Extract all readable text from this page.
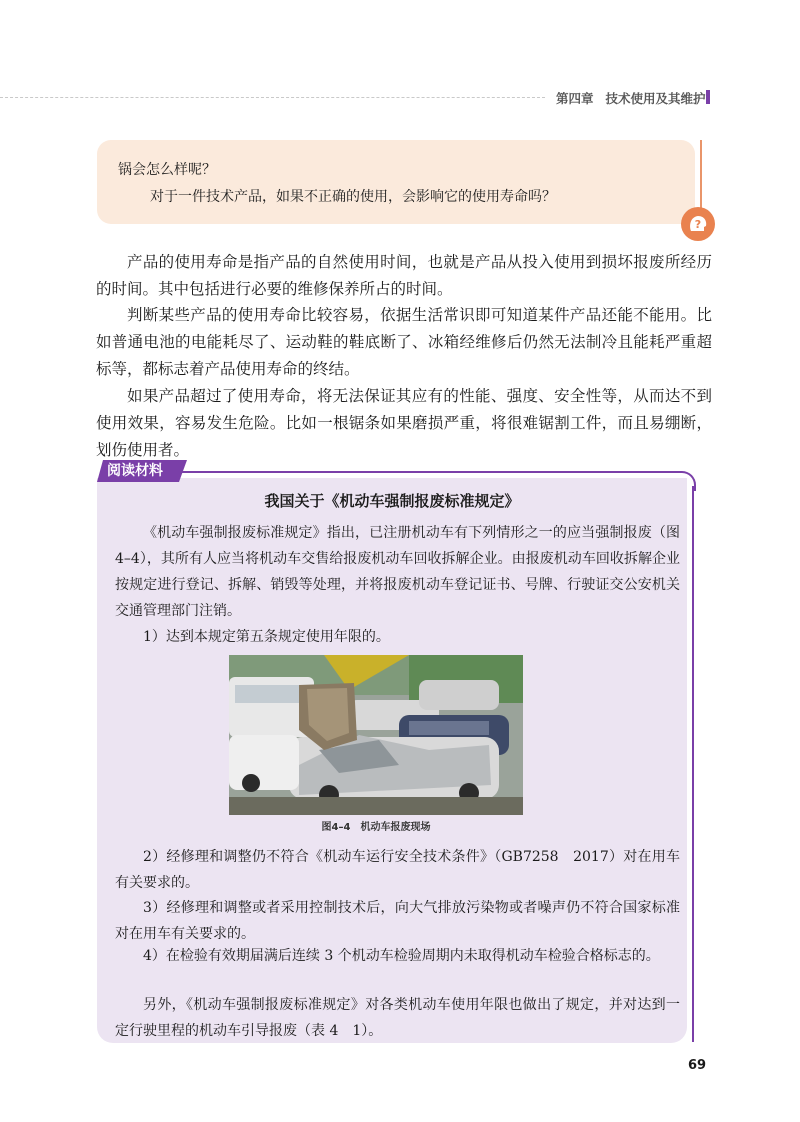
第四章 技术使用及其维护
锅会怎么样呢？
对于一件技术产品，如果不正确的使用，会影响它的使用寿命吗？
?

产品的使用寿命是指产品的自然使用时间，也就是产品从投入使用到损坏报废所经历的时间。其中包括进行必要的维修保养所占的时间。

判断某些产品的使用寿命比较容易，依据生活常识即可知道某件产品还能不能用。比如普通电池的电能耗尽了、运动鞋的鞋底断了、冰箱经维修后仍然无法制冷且能耗严重超标等，都标志着产品使用寿命的终结。

如果产品超过了使用寿命，将无法保证其应有的性能、强度、安全性等，从而达不到使用效果，容易发生危险。比如一根锯条如果磨损严重，将很难锯割工件，而且易绷断，划伤使用者。

阅读材料
我国关于《机动车强制报废标准规定》

《机动车强制报废标准规定》指出，已注册机动车有下列情形之一的应当强制报废（图 4–4），其所有人应当将机动车交售给报废机动车回收拆解企业。由报废机动车回收拆解企业按规定进行登记、拆解、销毁等处理，并将报废机动车登记证书、号牌、行驶证交公安机关交通管理部门注销。

1）达到本规定第五条规定使用年限的。

图4–4　机动车报废现场

2）经修理和调整仍不符合《机动车运行安全技术条件》（GB7258　2017）对在用车有关要求的。

3）经修理和调整或者采用控制技术后，向大气排放污染物或者噪声仍不符合国家标准对在用车有关要求的。

4）在检验有效期届满后连续 3 个机动车检验周期内未取得机动车检验合格标志的。

另外，《机动车强制报废标准规定》对各类机动车使用年限也做出了规定，并对达到一定行驶里程的机动车引导报废（表 4　1）。

69
